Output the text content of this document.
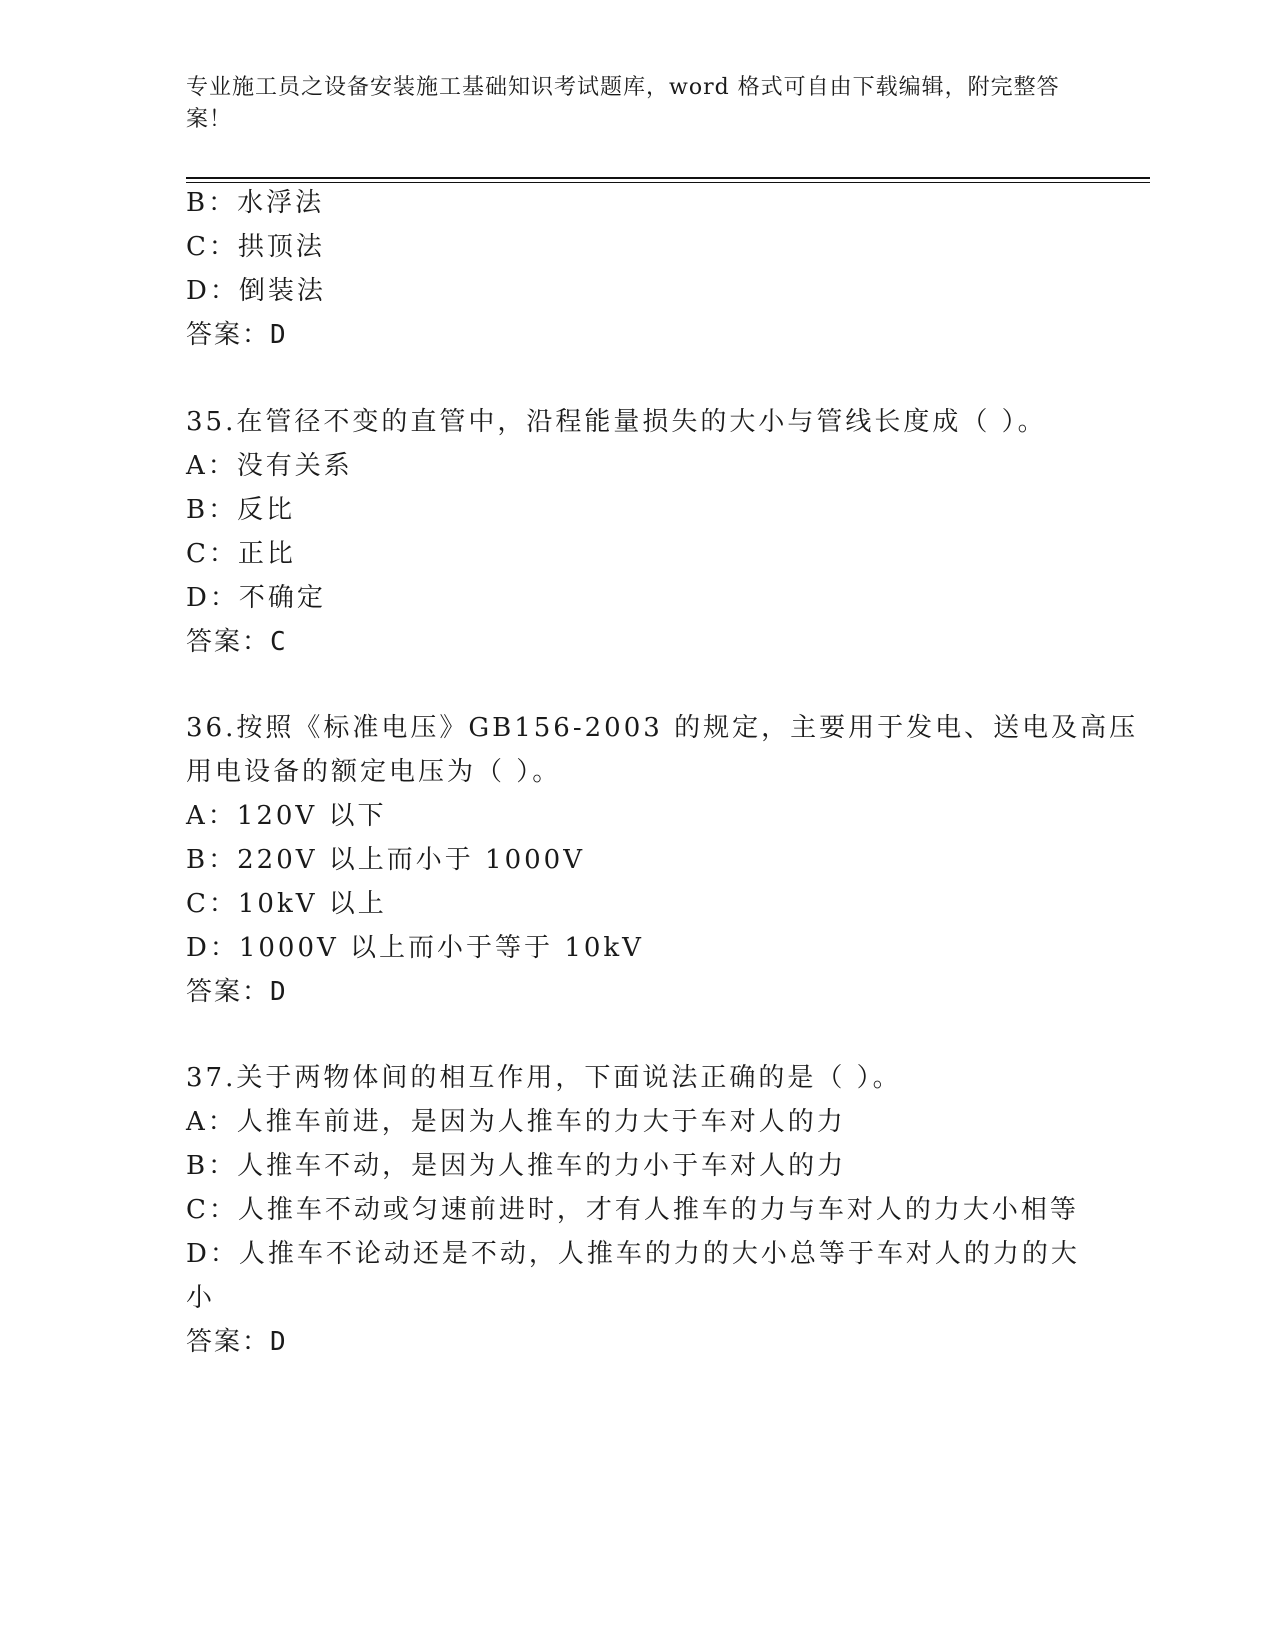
专业施工员之设备安装施工基础知识考试题库，word 格式可自由下载编辑，附完整答案！
B：水浮法
C：拱顶法
D：倒装法
答案：D
35.在管径不变的直管中，沿程能量损失的大小与管线长度成（ ）。
A：没有关系
B：反比
C：正比
D：不确定
答案：C
36.按照《标准电压》GB156-2003 的规定，主要用于发电、送电及高压
用电设备的额定电压为（ ）。
A：120V 以下
B：220V 以上而小于 1000V
C：10kV 以上
D：1000V 以上而小于等于 10kV
答案：D
37.关于两物体间的相互作用，下面说法正确的是（ ）。
A：人推车前进，是因为人推车的力大于车对人的力
B：人推车不动，是因为人推车的力小于车对人的力
C：人推车不动或匀速前进时，才有人推车的力与车对人的力大小相等
D：人推车不论动还是不动，人推车的力的大小总等于车对人的力的大
小
答案：D
